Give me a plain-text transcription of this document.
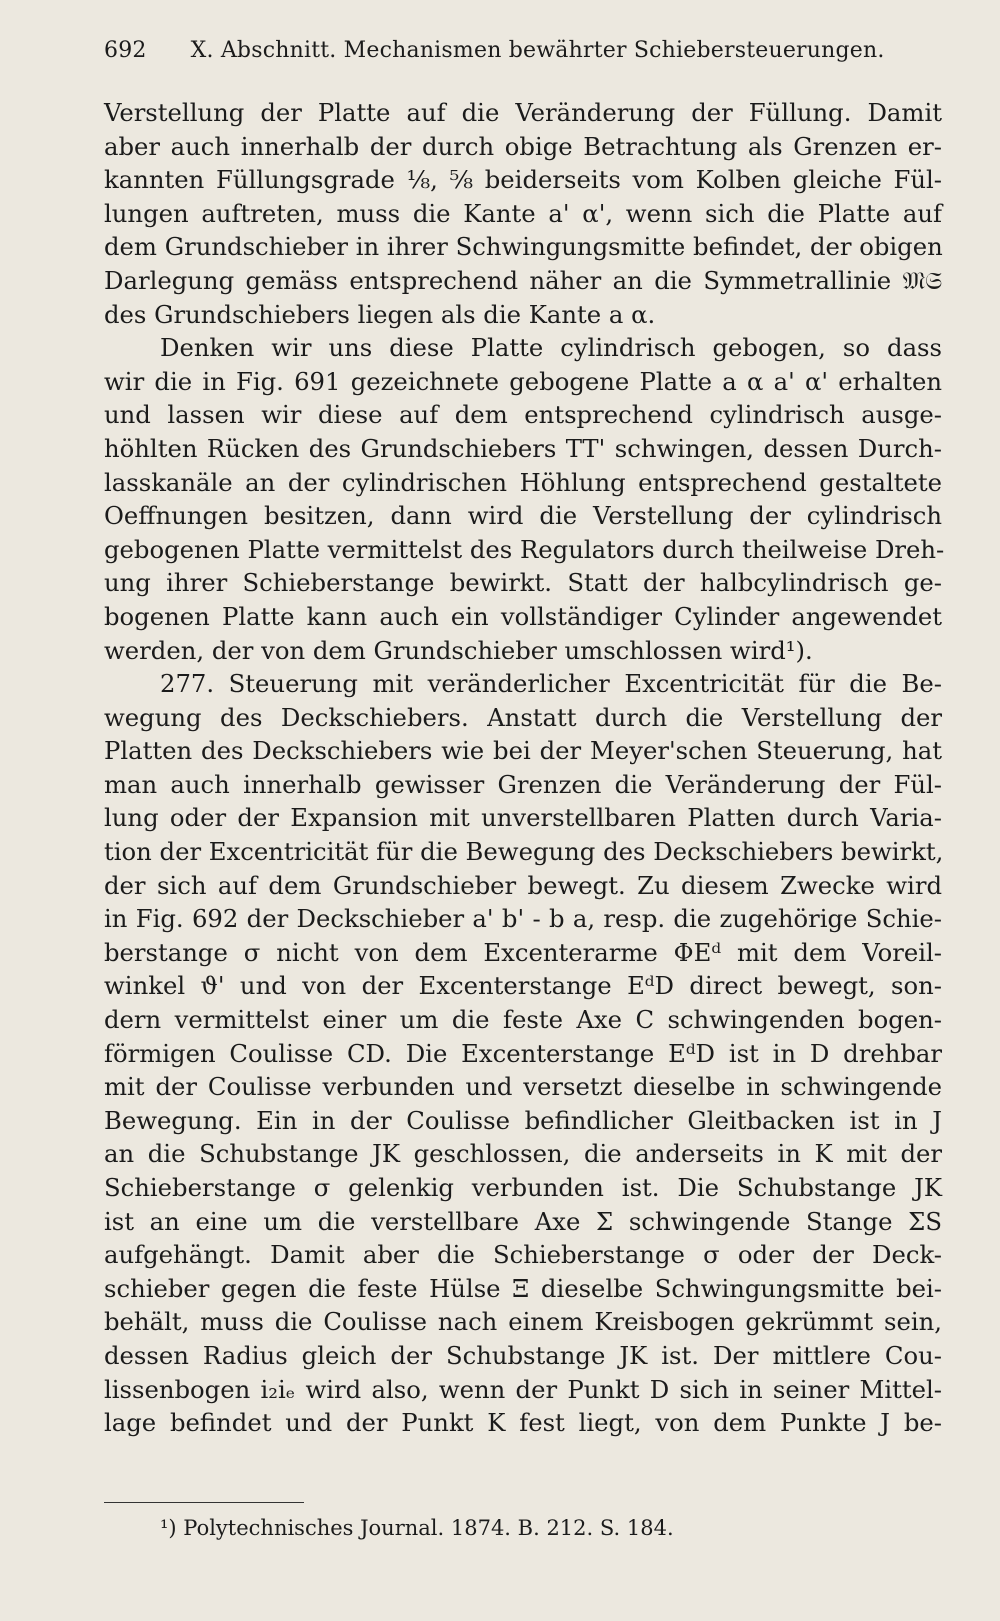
692 X. Abschnitt. Mechanismen bewährter Schiebersteuerungen.
Verstellung der Platte auf die Veränderung der Füllung. Damit
aber auch innerhalb der durch obige Betrachtung als Grenzen er-
kannten Füllungsgrade ⅛, ⅝ beiderseits vom Kolben gleiche Fül-
lungen auftreten, muss die Kante a' α', wenn sich die Platte auf
dem Grundschieber in ihrer Schwingungsmitte befindet, der obigen
Darlegung gemäss entsprechend näher an die Symmetrallinie 𝔐𝔖
des Grundschiebers liegen als die Kante a α.
Denken wir uns diese Platte cylindrisch gebogen, so dass
wir die in Fig. 691 gezeichnete gebogene Platte a α a' α' erhalten
und lassen wir diese auf dem entsprechend cylindrisch ausge-
höhlten Rücken des Grundschiebers TT' schwingen, dessen Durch-
lasskanäle an der cylindrischen Höhlung entsprechend gestaltete
Oeffnungen besitzen, dann wird die Verstellung der cylindrisch
gebogenen Platte vermittelst des Regulators durch theilweise Dreh-
ung ihrer Schieberstange bewirkt. Statt der halbcylindrisch ge-
bogenen Platte kann auch ein vollständiger Cylinder angewendet
werden, der von dem Grundschieber umschlossen wird¹).
277. Steuerung mit veränderlicher Excentricität für die Be-
wegung des Deckschiebers. Anstatt durch die Verstellung der
Platten des Deckschiebers wie bei der Meyer'schen Steuerung, hat
man auch innerhalb gewisser Grenzen die Veränderung der Fül-
lung oder der Expansion mit unverstellbaren Platten durch Varia-
tion der Excentricität für die Bewegung des Deckschiebers bewirkt,
der sich auf dem Grundschieber bewegt. Zu diesem Zwecke wird
in Fig. 692 der Deckschieber a' b' - b a, resp. die zugehörige Schie-
berstange σ nicht von dem Excenterarme ΦEᵈ mit dem Voreil-
winkel ϑ' und von der Excenterstange EᵈD direct bewegt, son-
dern vermittelst einer um die feste Axe C schwingenden bogen-
förmigen Coulisse CD. Die Excenterstange EᵈD ist in D drehbar
mit der Coulisse verbunden und versetzt dieselbe in schwingende
Bewegung. Ein in der Coulisse befindlicher Gleitbacken ist in J
an die Schubstange JK geschlossen, die anderseits in K mit der
Schieberstange σ gelenkig verbunden ist. Die Schubstange JK
ist an eine um die verstellbare Axe Σ schwingende Stange ΣS
aufgehängt. Damit aber die Schieberstange σ oder der Deck-
schieber gegen die feste Hülse Ξ dieselbe Schwingungsmitte bei-
behält, muss die Coulisse nach einem Kreisbogen gekrümmt sein,
dessen Radius gleich der Schubstange JK ist. Der mittlere Cou-
lissenbogen i₂iₑ wird also, wenn der Punkt D sich in seiner Mittel-
lage befindet und der Punkt K fest liegt, von dem Punkte J be-
¹) Polytechnisches Journal. 1874. B. 212. S. 184.
